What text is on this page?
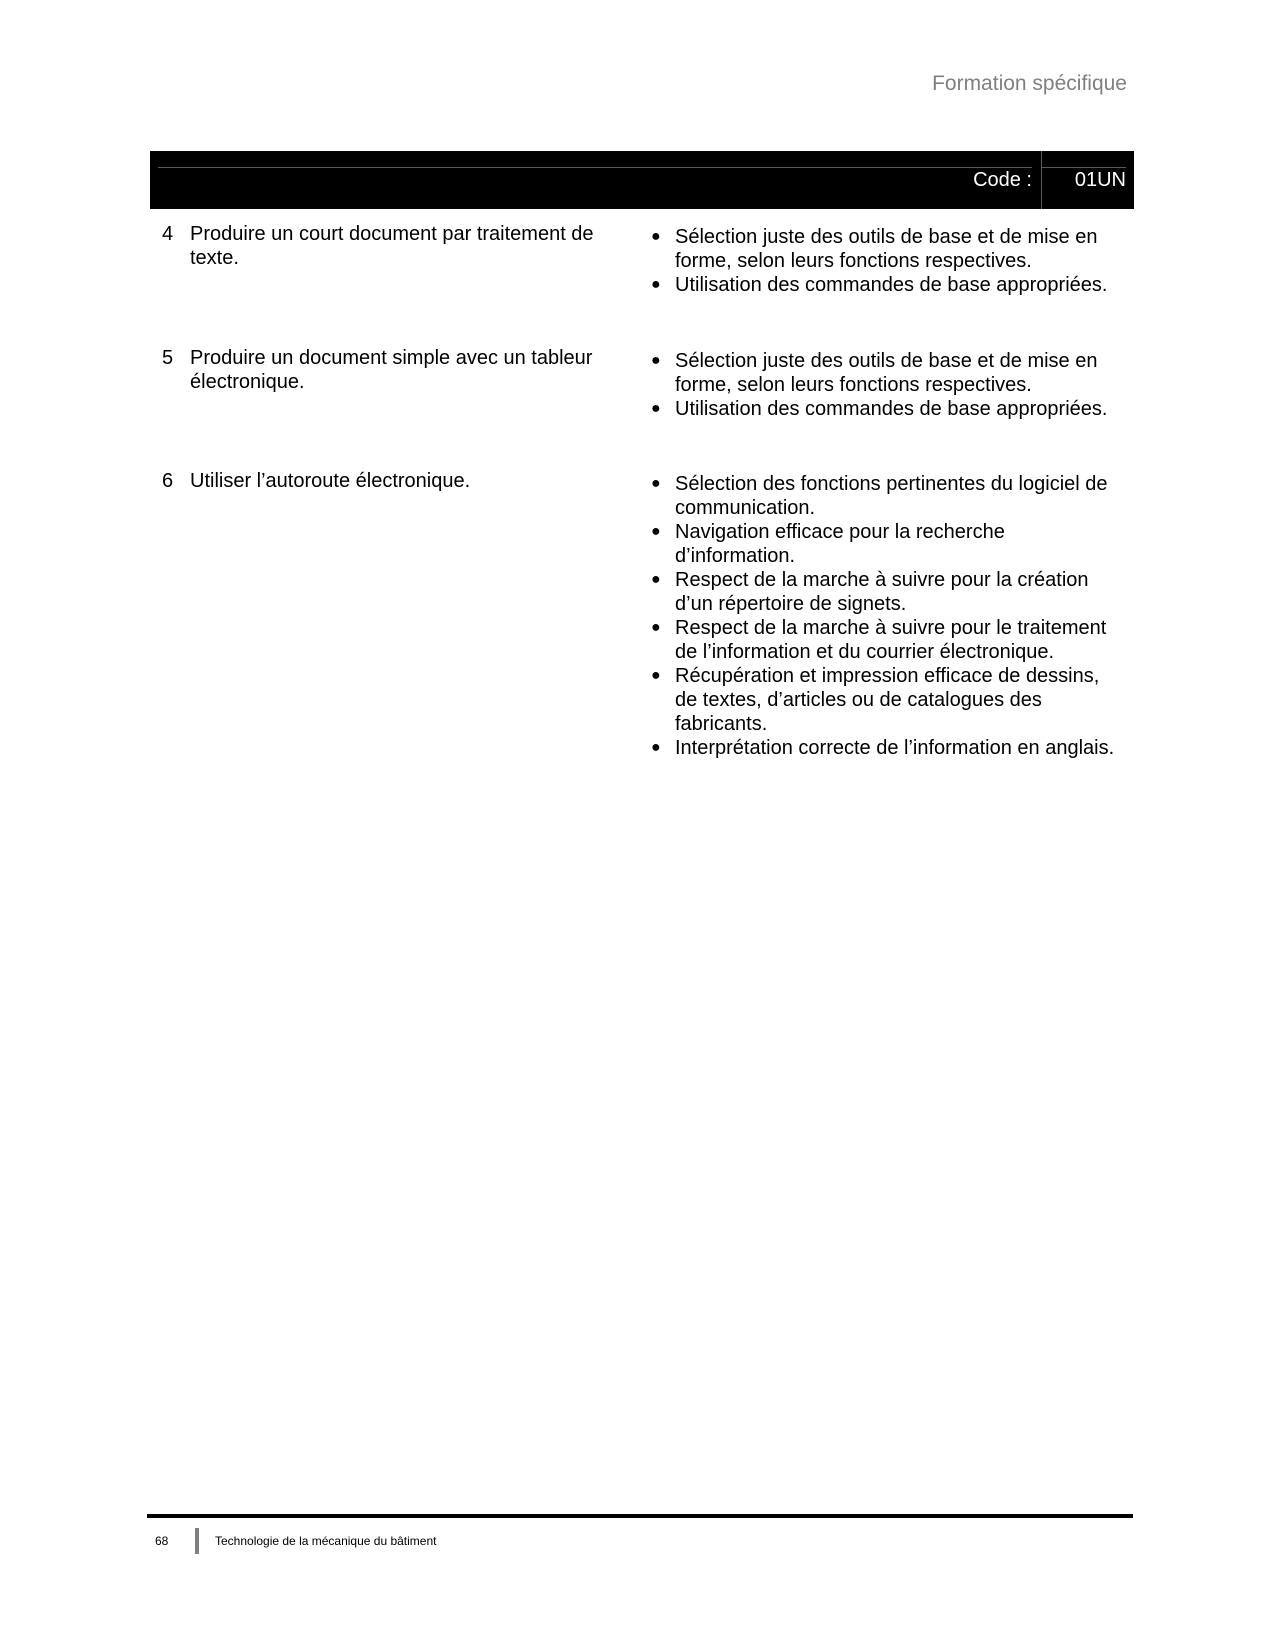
Formation spécifique
Code : 01UN
4 Produire un court document par traitement de texte.
● Sélection juste des outils de base et de mise en forme, selon leurs fonctions respectives.
● Utilisation des commandes de base appropriées.
5 Produire un document simple avec un tableur électronique.
● Sélection juste des outils de base et de mise en forme, selon leurs fonctions respectives.
● Utilisation des commandes de base appropriées.
6 Utiliser l’autoroute électronique.	● Sélection des fonctions pertinentes du logiciel de communication.
● Navigation efficace pour la recherche d’information.
● Respect de la marche à suivre pour la création d’un répertoire de signets.
● Respect de la marche à suivre pour le traitement de l’information et du courrier électronique.
● Récupération et impression efficace de dessins, de textes, d’articles ou de catalogues des fabricants.
● Interprétation correcte de l’information en anglais.
68	Technologie de la mécanique du bâtiment
